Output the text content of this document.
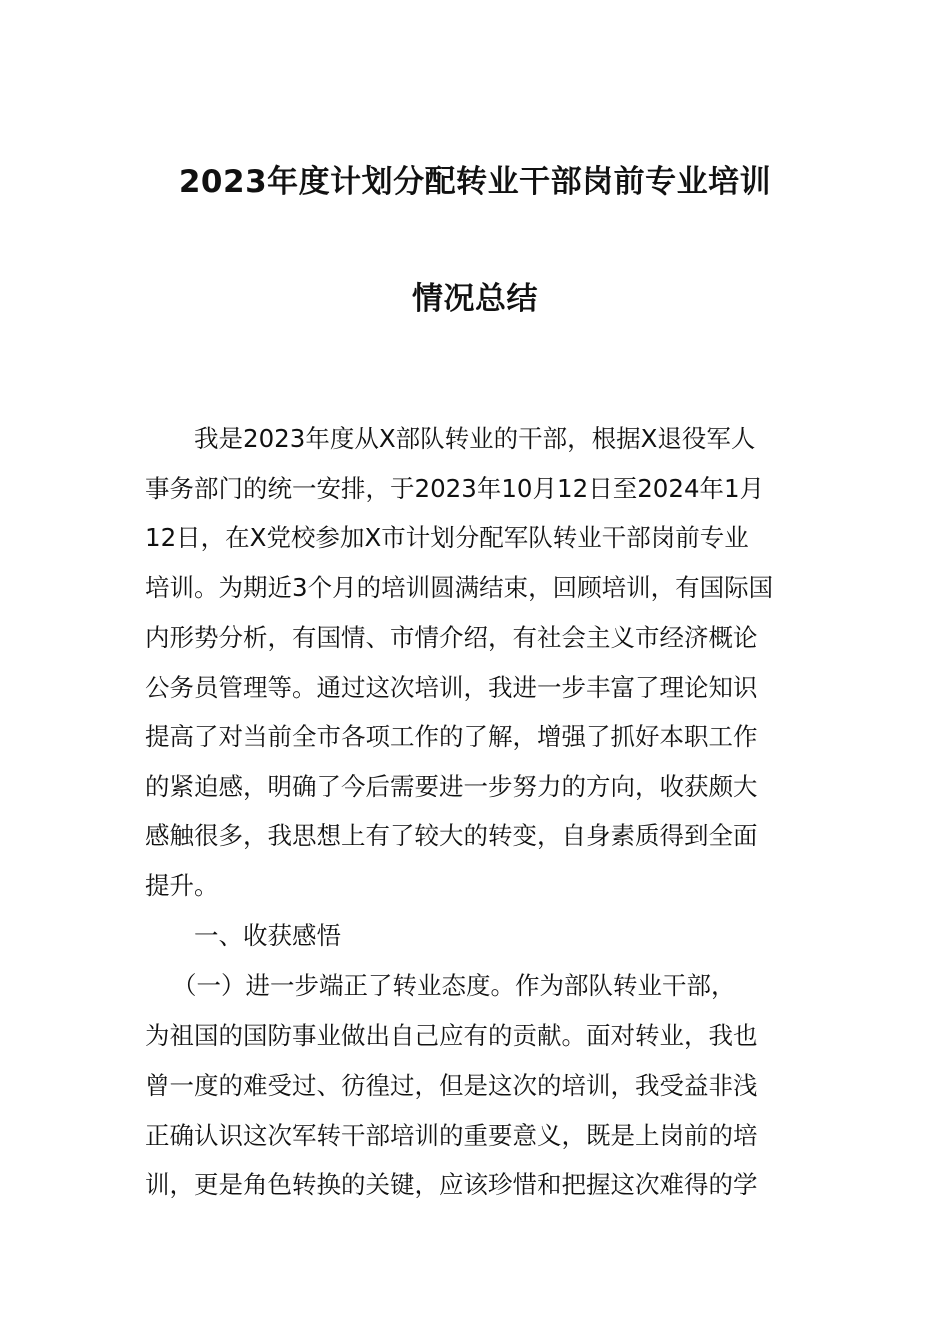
2023年度计划分配转业干部岗前专业培训
情况总结
我是2023年度从X部队转业的干部，根据X退役军人
事务部门的统一安排，于2023年10月12日至2024年1月
12日，在X党校参加X市计划分配军队转业干部岗前专业
培训。为期近3个月的培训圆满结束，回顾培训，有国际国
内形势分析，有国情、市情介绍，有社会主义市经济概论
公务员管理等。通过这次培训，我进一步丰富了理论知识
提高了对当前全市各项工作的了解，增强了抓好本职工作
的紧迫感，明确了今后需要进一步努力的方向，收获颇大
感触很多，我思想上有了较大的转变，自身素质得到全面
提升。
一、收获感悟
（一）进一步端正了转业态度。作为部队转业干部，
为祖国的国防事业做出自己应有的贡献。面对转业，我也
曾一度的难受过、彷徨过，但是这次的培训，我受益非浅
正确认识这次军转干部培训的重要意义，既是上岗前的培
训，更是角色转换的关键，应该珍惜和把握这次难得的学
